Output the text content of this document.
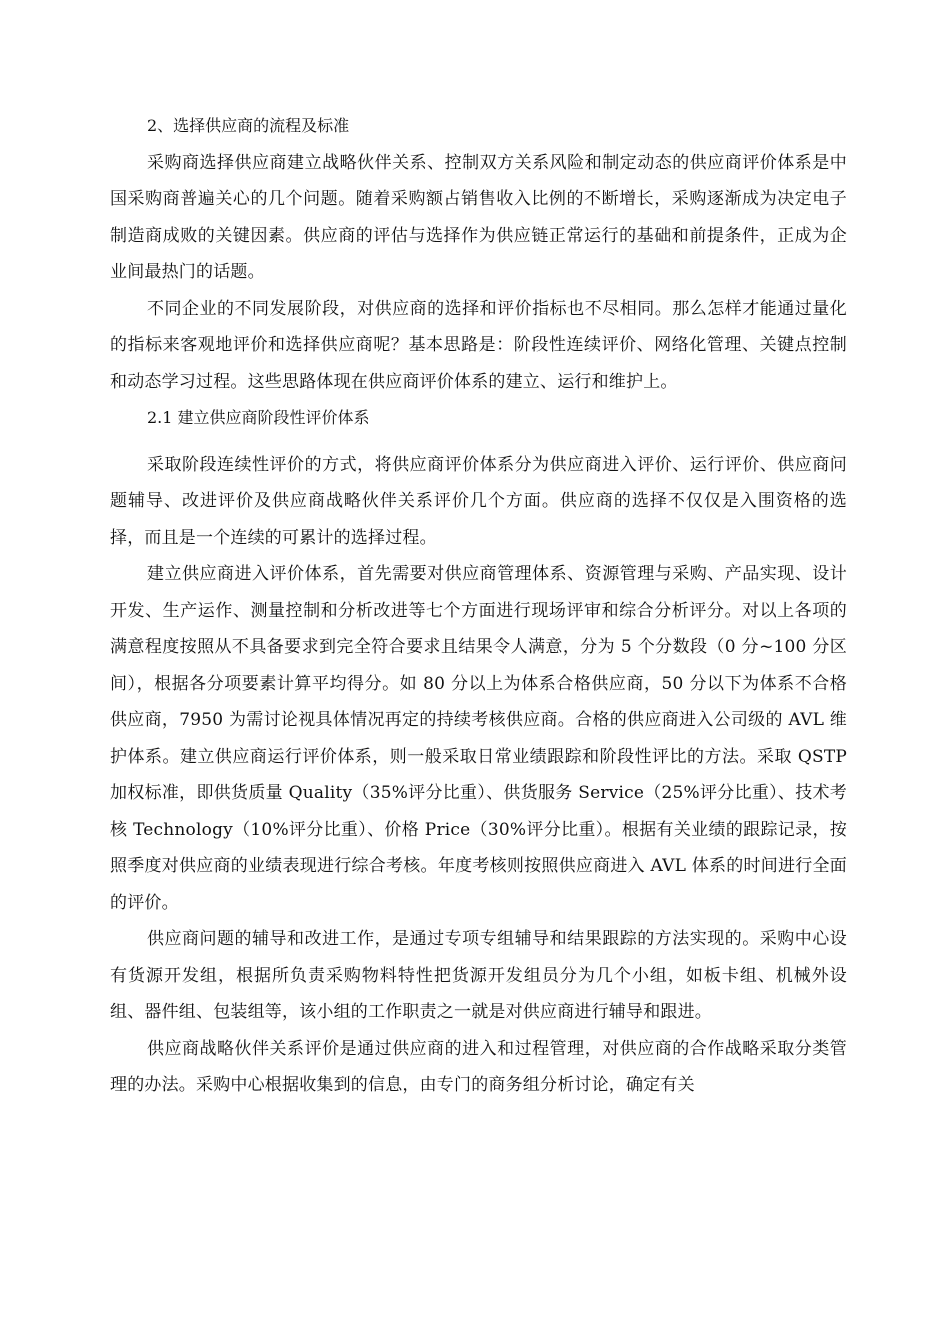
2、选择供应商的流程及标准

采购商选择供应商建立战略伙伴关系、控制双方关系风险和制定动态的供应商评价体系是中国采购商普遍关心的几个问题。随着采购额占销售收入比例的不断增长，采购逐渐成为决定电子制造商成败的关键因素。供应商的评估与选择作为供应链正常运行的基础和前提条件，正成为企业间最热门的话题。

不同企业的不同发展阶段，对供应商的选择和评价指标也不尽相同。那么怎样才能通过量化的指标来客观地评价和选择供应商呢？基本思路是：阶段性连续评价、网络化管理、关键点控制和动态学习过程。这些思路体现在供应商评价体系的建立、运行和维护上。

2.1 建立供应商阶段性评价体系

采取阶段连续性评价的方式，将供应商评价体系分为供应商进入评价、运行评价、供应商问题辅导、改进评价及供应商战略伙伴关系评价几个方面。供应商的选择不仅仅是入围资格的选择，而且是一个连续的可累计的选择过程。

建立供应商进入评价体系，首先需要对供应商管理体系、资源管理与采购、产品实现、设计开发、生产运作、测量控制和分析改进等七个方面进行现场评审和综合分析评分。对以上各项的满意程度按照从不具备要求到完全符合要求且结果令人满意，分为 5 个分数段（0 分~100 分区间），根据各分项要素计算平均得分。如 80 分以上为体系合格供应商，50 分以下为体系不合格供应商，7950 为需讨论视具体情况再定的持续考核供应商。合格的供应商进入公司级的 AVL 维护体系。建立供应商运行评价体系，则一般采取日常业绩跟踪和阶段性评比的方法。采取 QSTP 加权标准，即供货质量 Quality（35%评分比重）、供货服务 Service（25%评分比重）、技术考核 Technology（10%评分比重）、价格 Price（30%评分比重）。根据有关业绩的跟踪记录，按照季度对供应商的业绩表现进行综合考核。年度考核则按照供应商进入 AVL 体系的时间进行全面的评价。

供应商问题的辅导和改进工作，是通过专项专组辅导和结果跟踪的方法实现的。采购中心设有货源开发组，根据所负责采购物料特性把货源开发组员分为几个小组，如板卡组、机械外设组、器件组、包装组等，该小组的工作职责之一就是对供应商进行辅导和跟进。

供应商战略伙伴关系评价是通过供应商的进入和过程管理，对供应商的合作战略采取分类管理的办法。采购中心根据收集到的信息，由专门的商务组分析讨论，确定有关
